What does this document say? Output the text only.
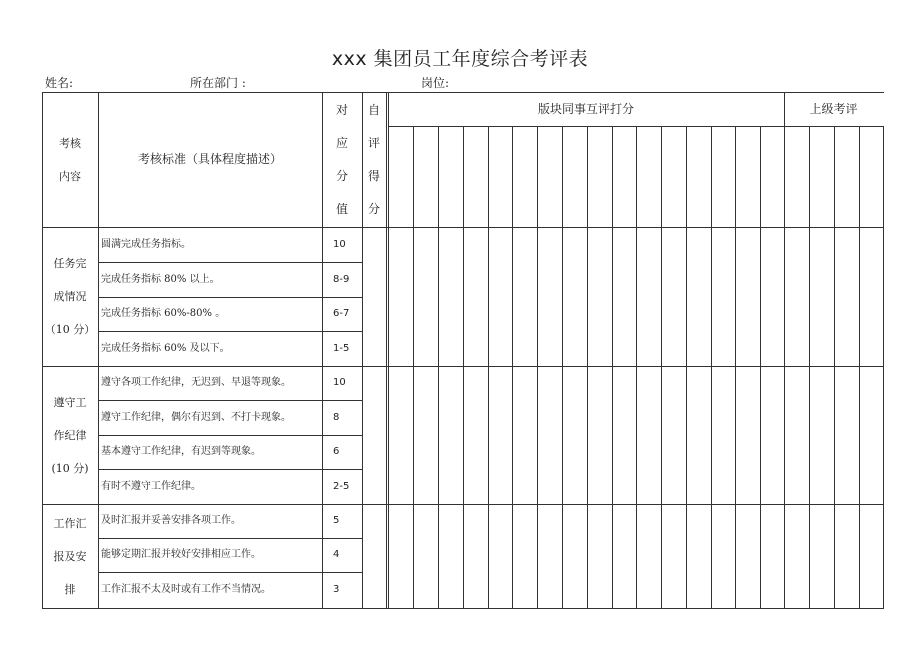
xxx 集团员工年度综合考评表
姓名:	所在部门 :	岗位:
考核
内容
考核标准（具体程度描述）
对
应
分
值
自
评
得
分
版块同事互评打分	上级考评
圆满完成任务指标。	10
完成任务指标 80% 以上。	8-9
完成任务指标 60%-80% 。	6-7
完成任务指标 60% 及以下。	1-5
任务完
成情况
（10 分）
遵守各项工作纪律，无迟到、早退等现象。	10
遵守工作纪律，偶尔有迟到、不打卡现象。	8
基本遵守工作纪律，有迟到等现象。	6
有时不遵守工作纪律。	2-5
遵守工
作纪律
(10 分)
及时汇报并妥善安排各项工作。	5
能够定期汇报并较好安排相应工作。	4
工作汇报不太及时或有工作不当情况。	3
工作汇
报及安
排
